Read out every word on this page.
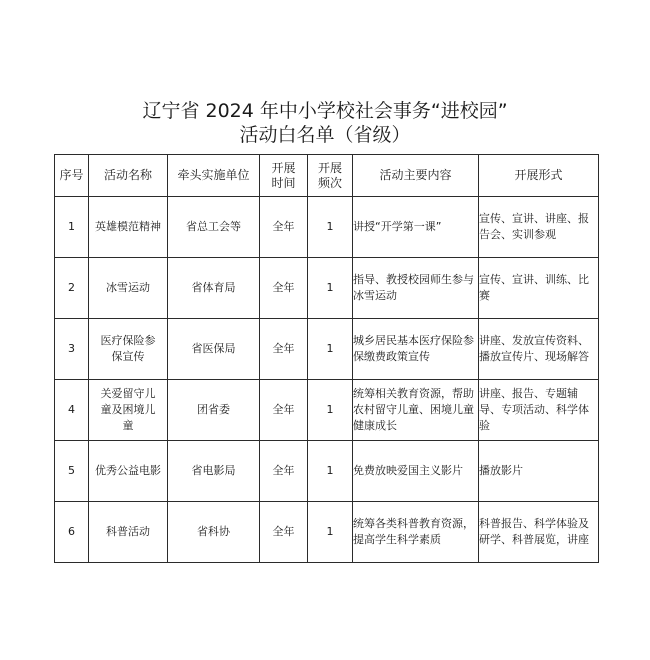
辽宁省 2024 年中小学校社会事务“进校园”
活动白名单（省级）
序号	活动名称	牵头实施单位	开展时间	开展频次	活动主要内容	开展形式
1	英雄模范精神	省总工会等	全年	1	讲授“开学第一课”	宣传、宣讲、讲座、报告会、实训参观
2	冰雪运动	省体育局	全年	1	指导、教授校园师生参与冰雪运动	宣传、宣讲、训练、比赛
3	医疗保险参保宣传	省医保局	全年	1	城乡居民基本医疗保险参保缴费政策宣传	讲座、发放宣传资料、播放宣传片、现场解答
4	关爱留守儿童及困境儿童	团省委	全年	1	统筹相关教育资源，帮助农村留守儿童、困境儿童健康成长	讲座、报告、专题辅导、专项活动、科学体验
5	优秀公益电影	省电影局	全年	1	免费放映爱国主义影片	播放影片
6	科普活动	省科协	全年	1	统筹各类科普教育资源，提高学生科学素质	科普报告、科学体验及研学、科普展览，讲座
